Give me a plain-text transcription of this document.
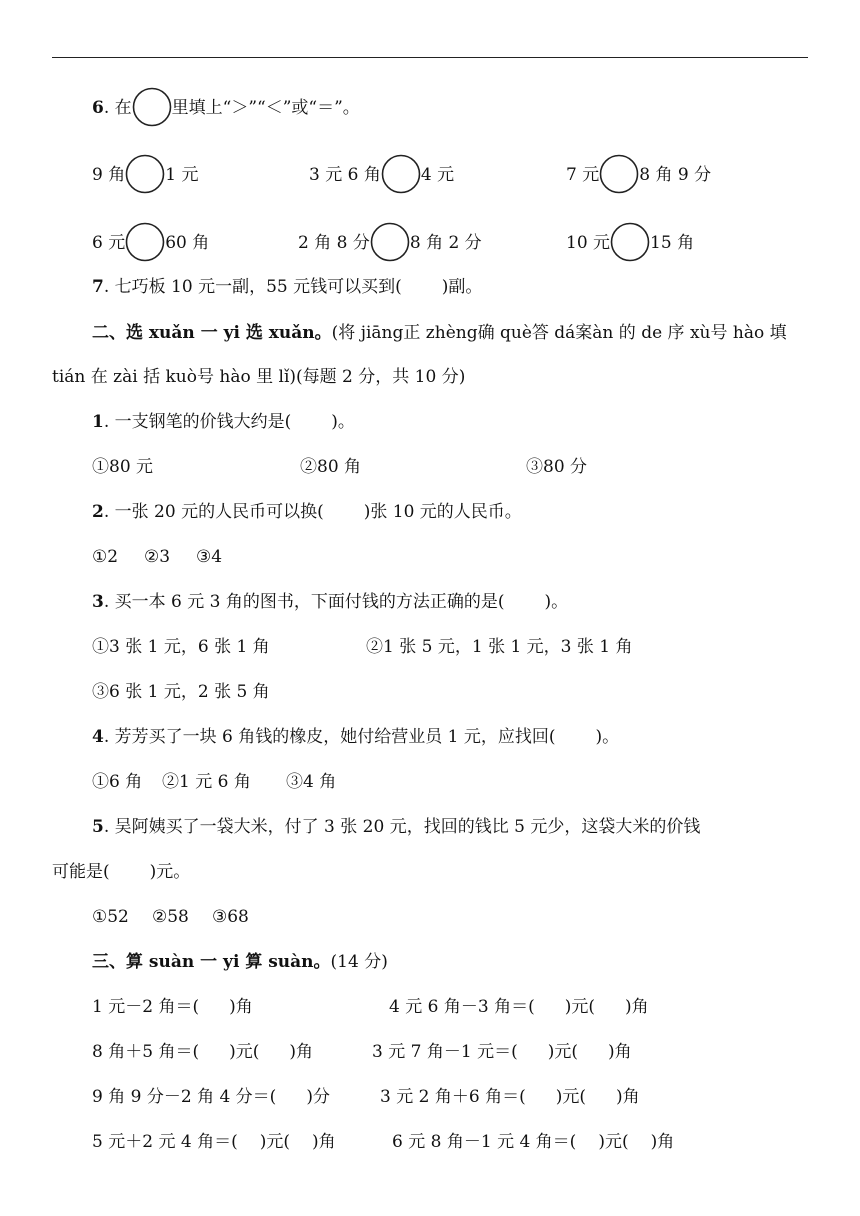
6. 在 里填上“＞”“＜”或“＝”。
9 角 1 元	3 元 6 角 4 元	7 元 8 角 9 分
6 元 60 角	2 角 8 分 8 角 2 分	10 元 15 角
7. 七巧板 10 元一副，55 元钱可以买到( )副。
二、选 xuǎn 一 yi 选 xuǎn。(将 jiāng正 zhèng确 què答 dá案àn 的 de 序 xù号 hào 填
tián 在 zài 括 kuò号 hào 里 lǐ)(每题 2 分，共 10 分)
1. 一支钢笔的价钱大约是( )。
①80 元	②80 角	③80 分
2. 一张 20 元的人民币可以换( )张 10 元的人民币。
①2 ②3 ③4
3. 买一本 6 元 3 角的图书，下面付钱的方法正确的是( )。
①3 张 1 元，6 张 1 角	②1 张 5 元，1 张 1 元，3 张 1 角
③6 张 1 元，2 张 5 角
4. 芳芳买了一块 6 角钱的橡皮，她付给营业员 1 元，应找回( )。
①6 角 ②1 元 6 角 ③4 角
5. 吴阿姨买了一袋大米，付了 3 张 20 元，找回的钱比 5 元少，这袋大米的价钱
可能是( )元。
①52 ②58 ③68
三、算 suàn 一 yi 算 suàn。(14 分)
1 元－2 角＝( )角	4 元 6 角－3 角＝( )元( )角
8 角＋5 角＝( )元( )角	3 元 7 角－1 元＝( )元( )角
9 角 9 分－2 角 4 分＝( )分	3 元 2 角＋6 角＝( )元( )角
5 元＋2 元 4 角＝( )元( )角	6 元 8 角－1 元 4 角＝( )元( )角
